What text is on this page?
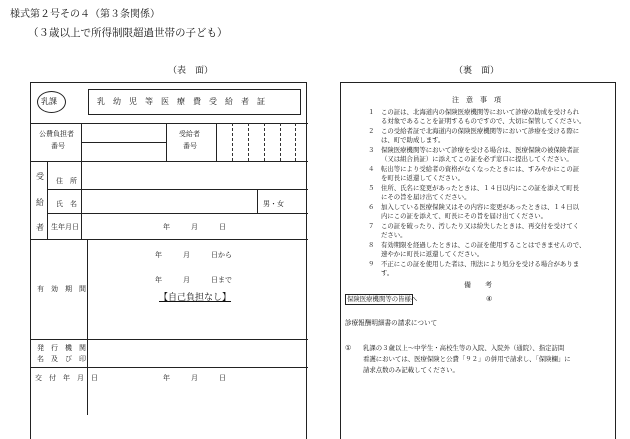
様式第２号その４（第３条関係）
（３歳以上で所得制限超過世帯の子ども）
（表　面）	（裏　面）
乳課	乳　幼　児　等　医　療　費　受　給　者　証
公費負担者
番号
受給者
番号
受
給
者
住　所
氏　名	男・女
生年月日	年　　　月　　　日
有　効　期　間
年　　　月　　　日から
年　　　月　　　日まで
【自己負担なし】
発　行　機　関
名　及　び　印
交　付　年　月　日	年　　　月　　　日
注　意　事　項
１ この証は、北海道内の保険医療機関等において診療の助成を受けられ
る対象であることを証明するものですので、大切に保管してください。
２ この受給者証で北海道内の保険医療機関等において診療を受ける際に
は、町で助成します。
３ 保険医療機関等において診療を受ける場合は、医療保険の被保険者証
（又は組合員証）に添えてこの証を必ず窓口に提出してください。
４ 転出等により受給者の資格がなくなったときには、すみやかにこの証
を町長に返還してください。
５ 住所、氏名に変更があったときは、１４日以内にこの証を添えて町長
にその旨を届け出てください。
６ 加入している医療保険又はその内容に変更があったときは、１４日以
内にこの証を添えて、町長にその旨を届け出てください。
７ この証を破ったり、汚したり又は紛失したときは、再交付を受けてく
ださい。
８ 有効期限を経過したときは、この証を使用することはできませんので、
速やかに町長に返還してください。
９ 不正にこの証を使用した者は、刑法により処分を受ける場合がありま
す。
備　　考
保険医療機関等の皆様へ	④
診療報酬明細書の請求について
① 乳課の３歳以上～中学生・高校生等の入院、入院外（通院）、指定訪問
看護においては、医療保険と公費「９２」の併用で請求し、「保険欄」に
請求点数のみ記載してください。
